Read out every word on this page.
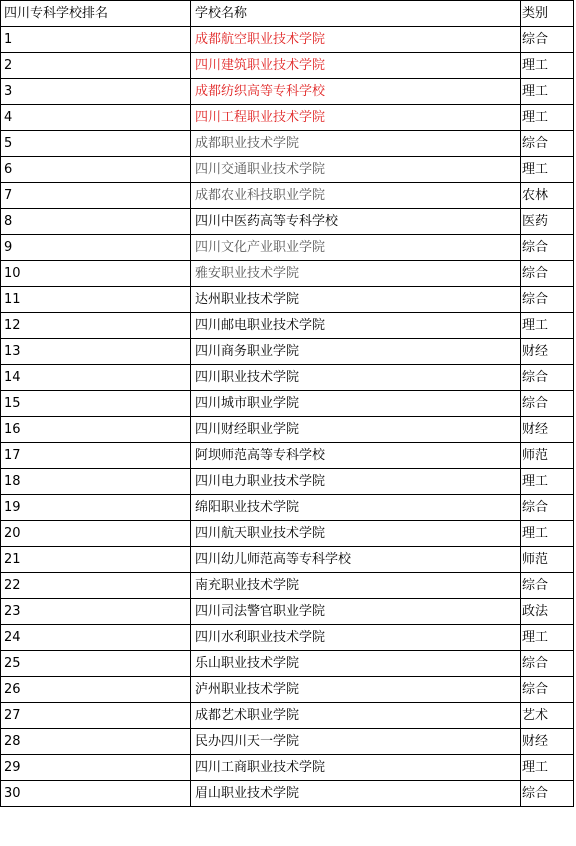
四川专科学校排名	学校名称	类别
1	成都航空职业技术学院	综合
2	四川建筑职业技术学院	理工
3	成都纺织高等专科学校	理工
4	四川工程职业技术学院	理工
5	成都职业技术学院	综合
6	四川交通职业技术学院	理工
7	成都农业科技职业学院	农林
8	四川中医药高等专科学校	医药
9	四川文化产业职业学院	综合
10	雅安职业技术学院	综合
11	达州职业技术学院	综合
12	四川邮电职业技术学院	理工
13	四川商务职业学院	财经
14	四川职业技术学院	综合
15	四川城市职业学院	综合
16	四川财经职业学院	财经
17	阿坝师范高等专科学校	师范
18	四川电力职业技术学院	理工
19	绵阳职业技术学院	综合
20	四川航天职业技术学院	理工
21	四川幼儿师范高等专科学校	师范
22	南充职业技术学院	综合
23	四川司法警官职业学院	政法
24	四川水利职业技术学院	理工
25	乐山职业技术学院	综合
26	泸州职业技术学院	综合
27	成都艺术职业学院	艺术
28	民办四川天一学院	财经
29	四川工商职业技术学院	理工
30	眉山职业技术学院	综合
